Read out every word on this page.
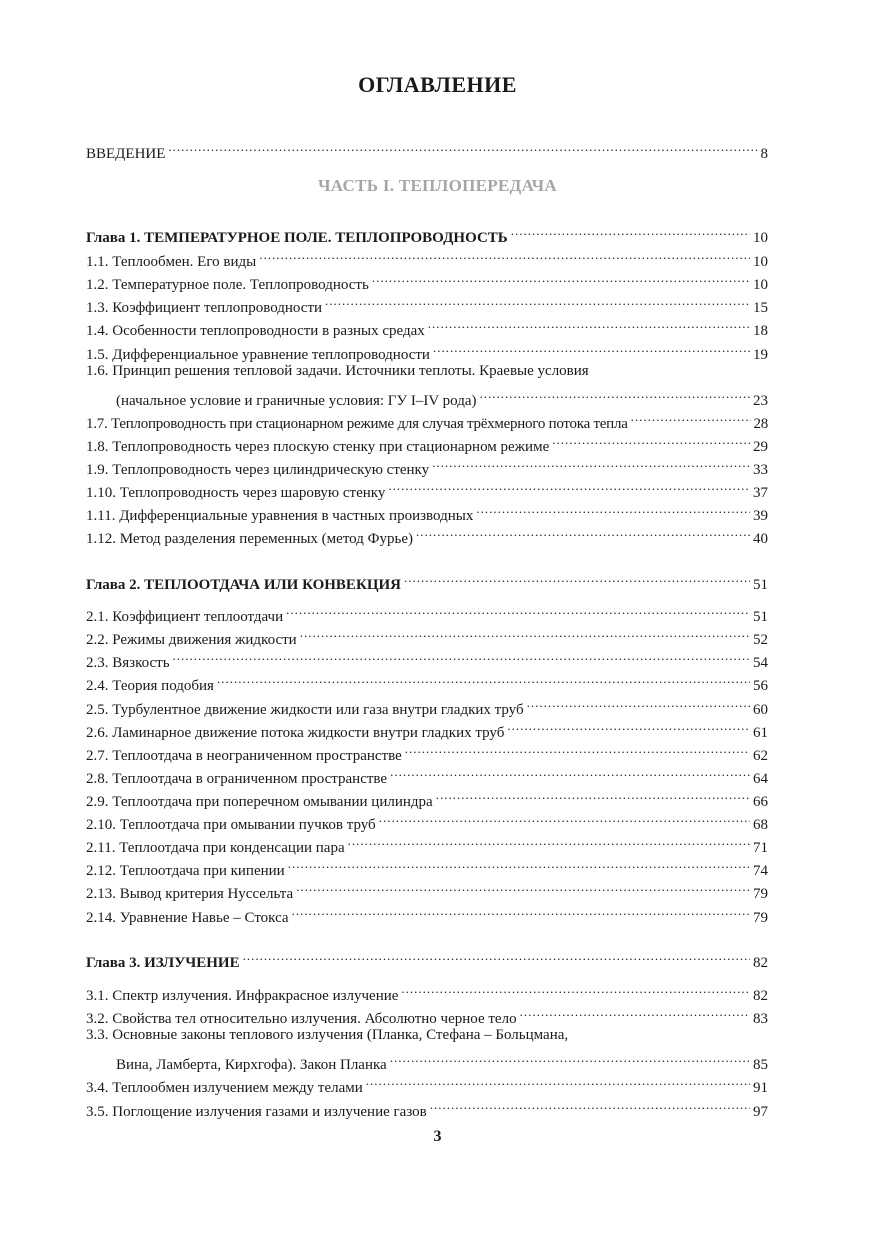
ОГЛАВЛЕНИЕ
ВВЕДЕНИЕ .....	8
ЧАСТЬ I. ТЕПЛОПЕРЕДАЧА
Глава 1. ТЕМПЕРАТУРНОЕ ПОЛЕ. ТЕПЛОПРОВОДНОСТЬ .....	10
1.1. Теплообмен. Его виды .....	10
1.2. Температурное поле. Теплопроводность .....	10
1.3. Коэффициент теплопроводности .....	15
1.4. Особенности теплопроводности в разных средах .....	18
1.5. Дифференциальное уравнение теплопроводности .....	19
1.6. Принцип решения тепловой задачи. Источники теплоты. Краевые условия
(начальное условие и граничные условия: ГУ I–IV рода) .....	23
1.7. Теплопроводность при стационарном режиме для случая трёхмерного потока тепла .....	28
1.8. Теплопроводность через плоскую стенку при стационарном режиме .....	29
1.9. Теплопроводность через цилиндрическую стенку .....	33
1.10. Теплопроводность через шаровую стенку .....	37
1.11. Дифференциальные уравнения в частных производных .....	39
1.12. Метод разделения переменных (метод Фурье) .....	40
Глава 2. ТЕПЛООТДАЧА ИЛИ КОНВЕКЦИЯ .....	51
2.1. Коэффициент теплоотдачи .....	51
2.2. Режимы движения жидкости .....	52
2.3. Вязкость .....	54
2.4. Теория подобия .....	56
2.5. Турбулентное движение жидкости или газа внутри гладких труб .....	60
2.6. Ламинарное движение потока жидкости внутри гладких труб .....	61
2.7. Теплоотдача в неограниченном пространстве .....	62
2.8. Теплоотдача в ограниченном пространстве .....	64
2.9. Теплоотдача при поперечном омывании цилиндра .....	66
2.10. Теплоотдача при омывании пучков труб .....	68
2.11. Теплоотдача при конденсации пара .....	71
2.12. Теплоотдача при кипении .....	74
2.13. Вывод критерия Нуссельта .....	79
2.14. Уравнение Навье – Стокса .....	79
Глава 3. ИЗЛУЧЕНИЕ .....	82
3.1. Спектр излучения. Инфракрасное излучение .....	82
3.2. Свойства тел относительно излучения. Абсолютно черное тело .....	83
3.3. Основные законы теплового излучения (Планка, Стефана – Больцмана,
Вина, Ламберта, Кирхгофа). Закон Планка .....	85
3.4. Теплообмен излучением между телами .....	91
3.5. Поглощение излучения газами и излучение газов .....	97
3
